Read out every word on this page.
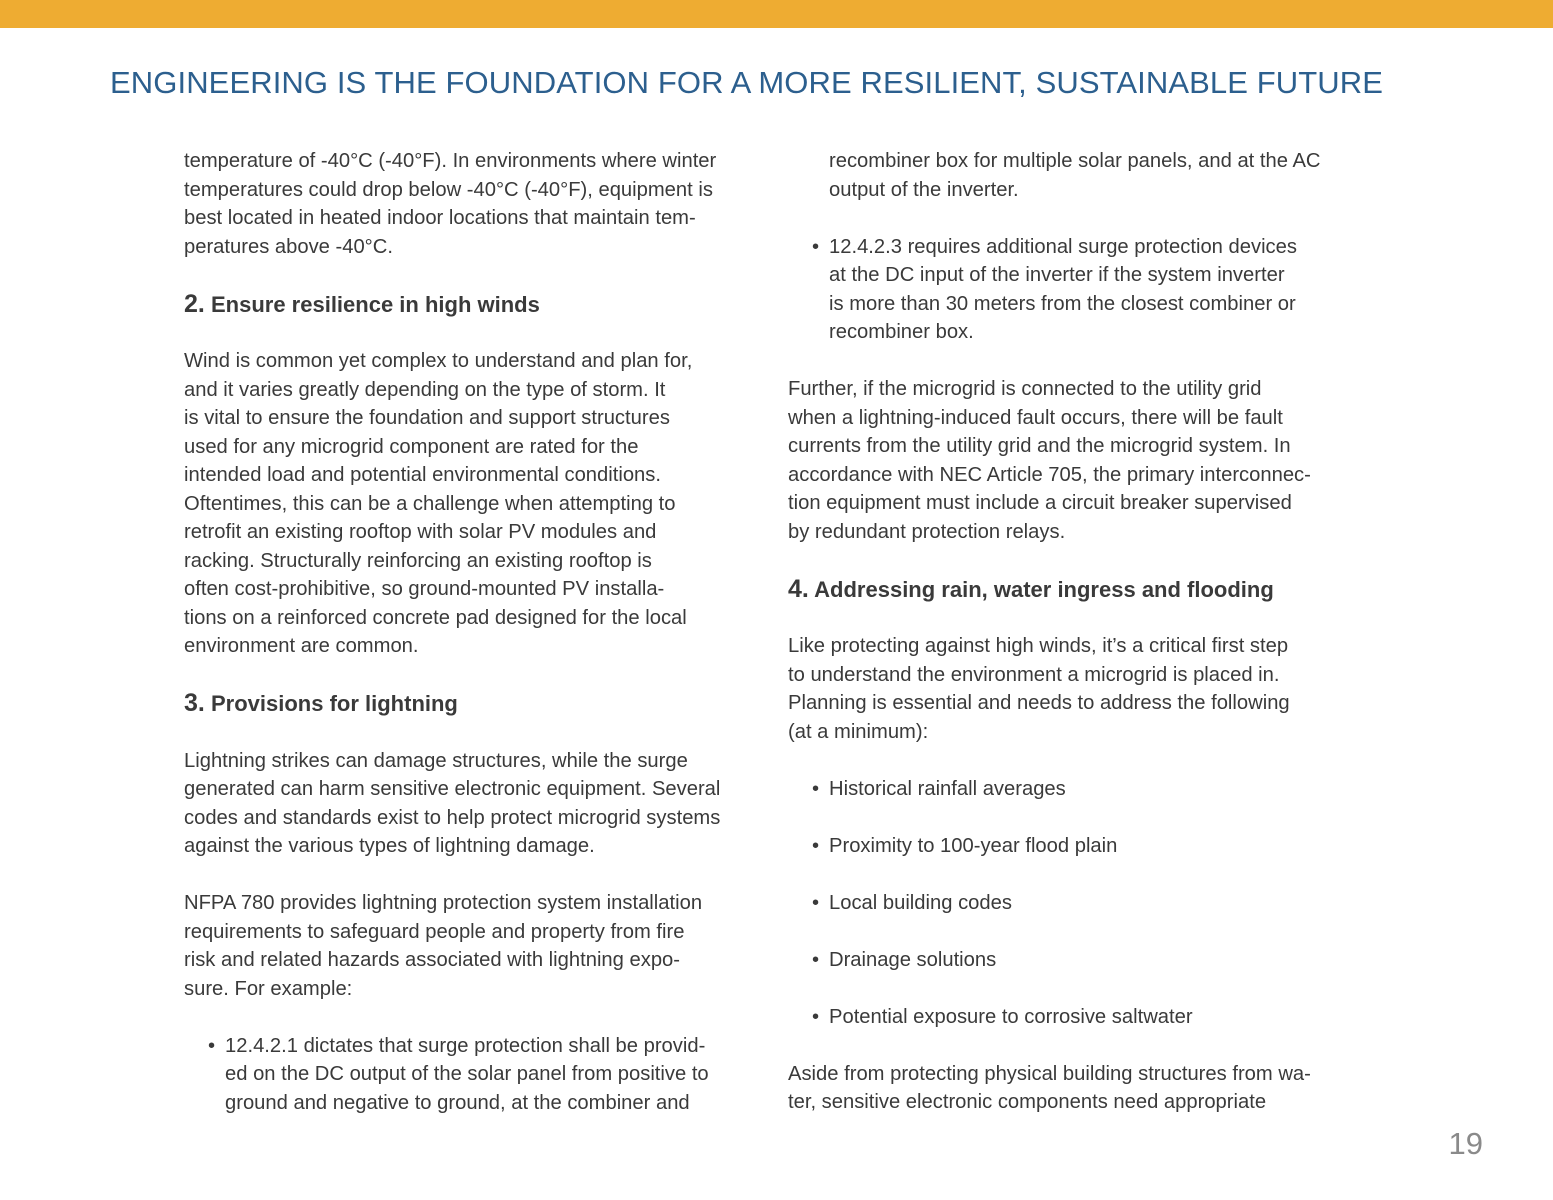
ENGINEERING IS THE FOUNDATION FOR A MORE RESILIENT, SUSTAINABLE FUTURE

temperature of -40°C (-40°F). In environments where winter
temperatures could drop below -40°C (-40°F), equipment is
best located in heated indoor locations that maintain tem-
peratures above -40°C.

2. Ensure resilience in high winds

Wind is common yet complex to understand and plan for,
and it varies greatly depending on the type of storm. It
is vital to ensure the foundation and support structures
used for any microgrid component are rated for the
intended load and potential environmental conditions.
Oftentimes, this can be a challenge when attempting to
retrofit an existing rooftop with solar PV modules and
racking. Structurally reinforcing an existing rooftop is
often cost-prohibitive, so ground-mounted PV installa-
tions on a reinforced concrete pad designed for the local
environment are common.

3. Provisions for lightning

Lightning strikes can damage structures, while the surge
generated can harm sensitive electronic equipment. Several
codes and standards exist to help protect microgrid systems
against the various types of lightning damage.

NFPA 780 provides lightning protection system installation
requirements to safeguard people and property from fire
risk and related hazards associated with lightning expo-
sure. For example:

• 12.4.2.1 dictates that surge protection shall be provid-
ed on the DC output of the solar panel from positive to
ground and negative to ground, at the combiner and
recombiner box for multiple solar panels, and at the AC
output of the inverter.
• 12.4.2.3 requires additional surge protection devices
at the DC input of the inverter if the system inverter
is more than 30 meters from the closest combiner or
recombiner box.

Further, if the microgrid is connected to the utility grid
when a lightning-induced fault occurs, there will be fault
currents from the utility grid and the microgrid system. In
accordance with NEC Article 705, the primary interconnec-
tion equipment must include a circuit breaker supervised
by redundant protection relays.

4. Addressing rain, water ingress and flooding

Like protecting against high winds, it’s a critical first step
to understand the environment a microgrid is placed in.
Planning is essential and needs to address the following
(at a minimum):

• Historical rainfall averages
• Proximity to 100-year flood plain
• Local building codes
• Drainage solutions
• Potential exposure to corrosive saltwater

Aside from protecting physical building structures from wa-
ter, sensitive electronic components need appropriate

19
